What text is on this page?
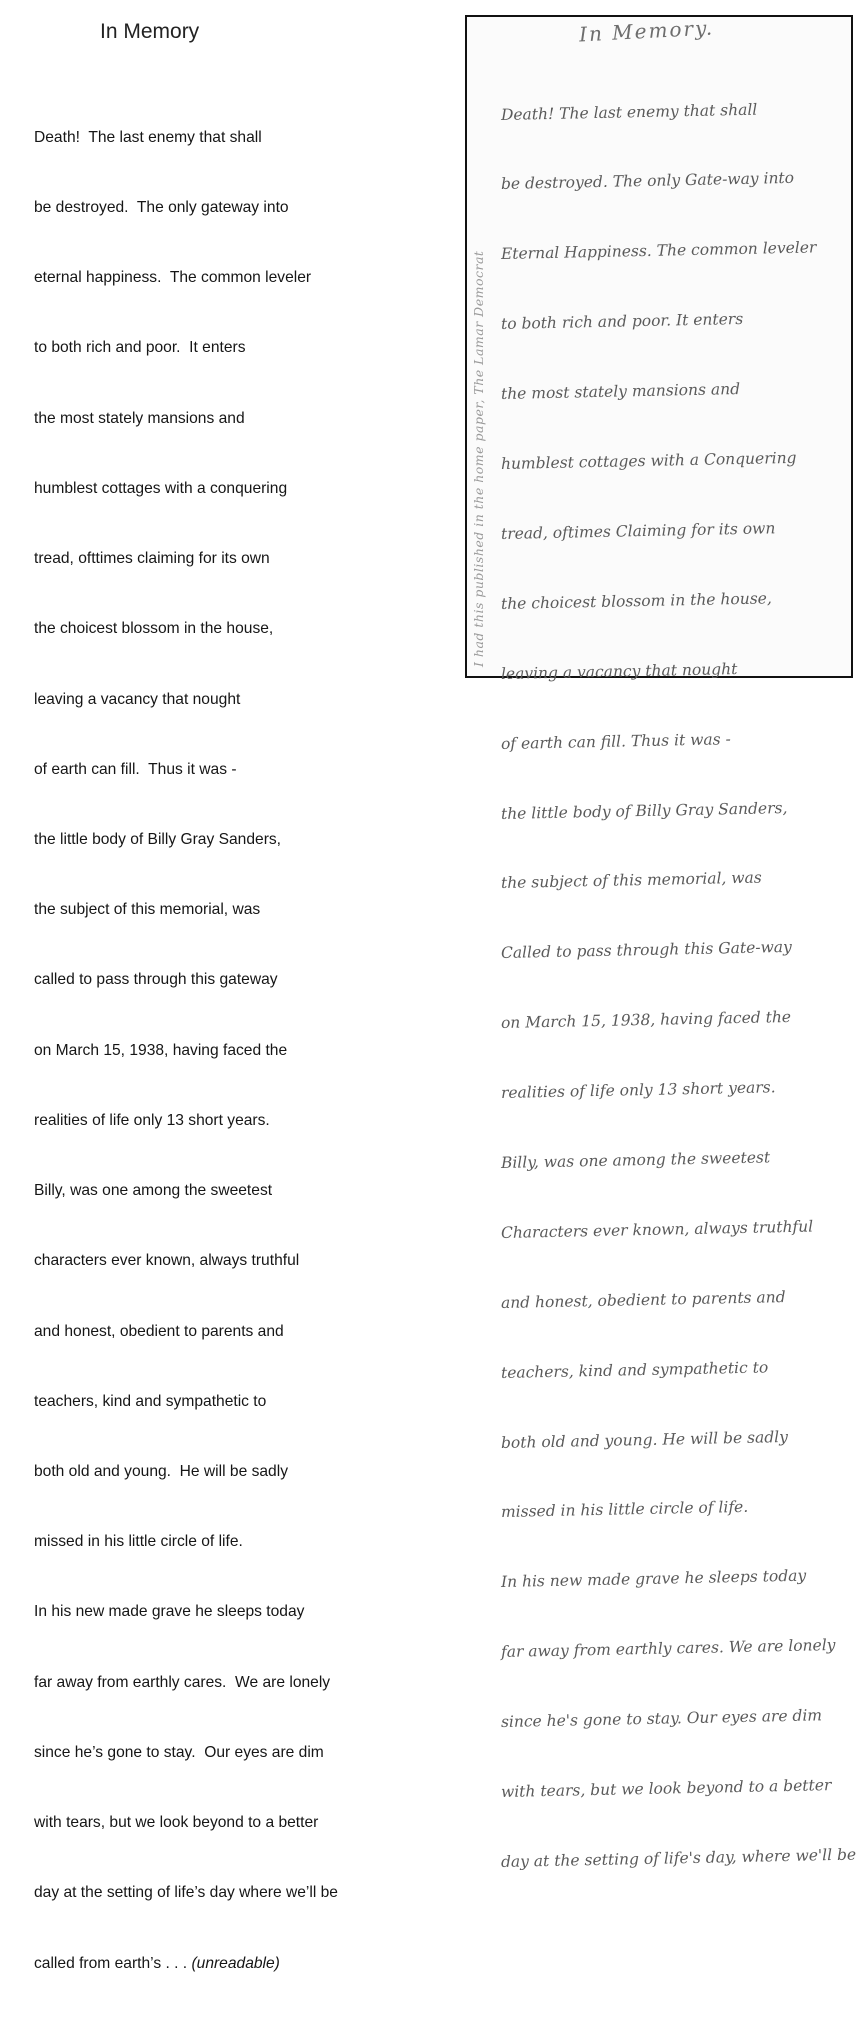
In Memory

Death!  The last enemy that shall

be destroyed.  The only gateway into

eternal happiness.  The common leveler

to both rich and poor.  It enters

the most stately mansions and

humblest cottages with a conquering

tread, ofttimes claiming for its own

the choicest blossom in the house,

leaving a vacancy that nought

of earth can fill.  Thus it was -

the little body of Billy Gray Sanders,

the subject of this memorial, was

called to pass through this gateway

on March 15, 1938, having faced the

realities of life only 13 short years.

Billy, was one among the sweetest

characters ever known, always truthful

and honest, obedient to parents and

teachers, kind and sympathetic to

both old and young.  He will be sadly

missed in his little circle of life.

In his new made grave he sleeps today

far away from earthly cares.  We are lonely

since he’s gone to stay.  Our eyes are dim

with tears, but we look beyond to a better

day at the setting of life’s day where we’ll be

called from earth’s . . . (unreadable)

In Memory.

Death! The last enemy that shall

be destroyed. The only Gate-way into

Eternal Happiness. The common leveler

to both rich and poor. It enters

the most stately mansions and

humblest cottages with a Conquering

tread, oftimes Claiming for its own

the choicest blossom in the house,

leaving a vacancy that nought

of earth can fill. Thus it was -

the little body of Billy Gray Sanders,

the subject of this memorial, was

Called to pass through this Gate-way

on March 15, 1938, having faced the

realities of life only 13 short years.

Billy, was one among the sweetest

Characters ever known, always truthful

and honest, obedient to parents and

teachers, kind and sympathetic to

both old and young. He will be sadly

missed in his little circle of life.

In his new made grave he sleeps today

far away from earthly cares. We are lonely

since he's gone to stay. Our eyes are dim

with tears, but we look beyond to a better

day at the setting of life's day, where we'll be

I had this published in the home paper, The Lamar Democrat
